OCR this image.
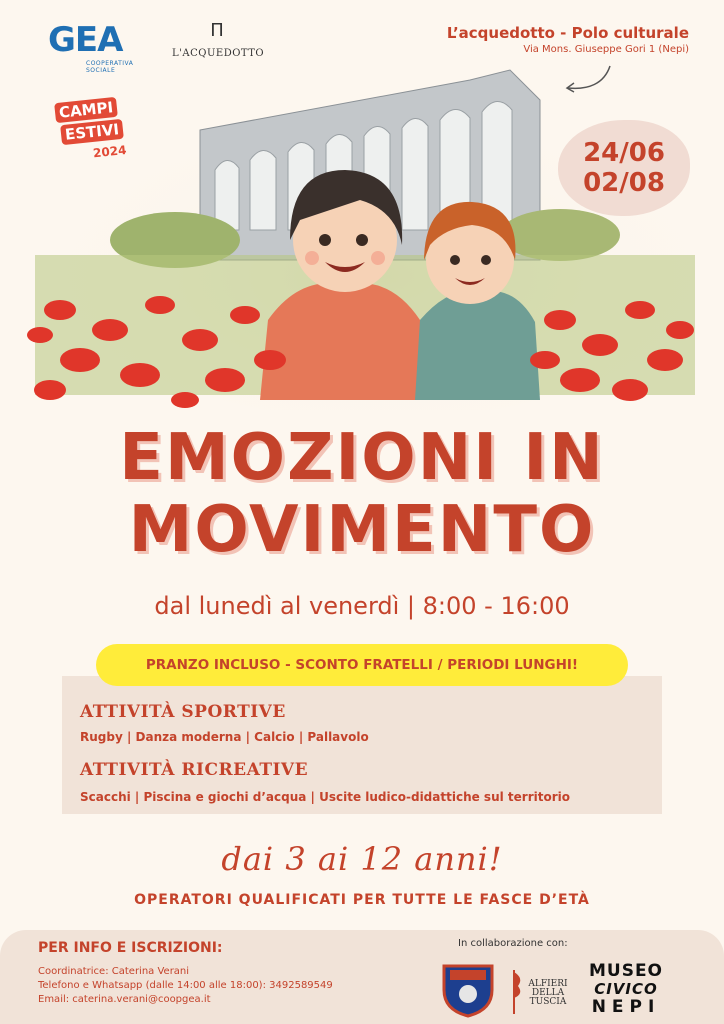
GEA
COOPERATIVA SOCIALE
Π
L'ACQUEDOTTO
L’acquedotto - Polo culturale
Via Mons. Giuseppe Gori 1 (Nepi)
CAMPI
ESTIVI
2024	24/06
02/08
EMOZIONI IN
MOVIMENTO
dal lunedì al venerdì | 8:00 - 16:00
PRANZO INCLUSO - SCONTO FRATELLI / PERIODI LUNGHI!
ATTIVITÀ SPORTIVE
Rugby | Danza moderna | Calcio | Pallavolo
ATTIVITÀ RICREATIVE
Scacchi | Piscina e giochi d’acqua | Uscite ludico-didattiche sul territorio
dai 3 ai 12 anni!
OPERATORI QUALIFICATI PER TUTTE LE FASCE D’ETÀ
PER INFO E ISCRIZIONI:
Coordinatrice: Caterina Verani
Telefono e Whatsapp (dalle 14:00 alle 18:00): 3492589549
Email: caterina.verani@coopgea.it
In collaborazione con:
ALFIERI DELLA TUSCIA
MUSEO
CIVICO
NEPI
